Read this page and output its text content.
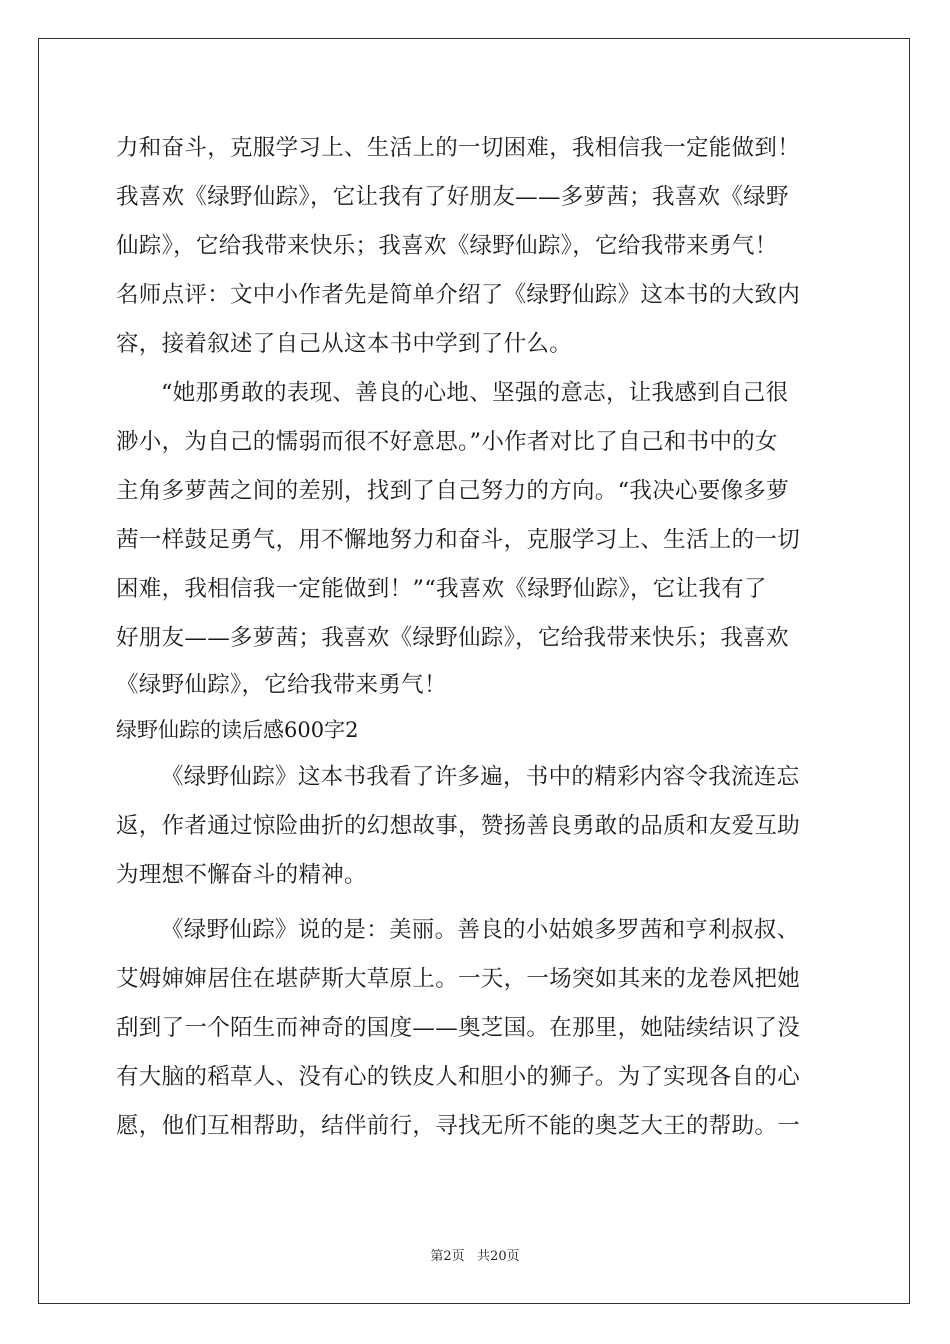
力和奋斗，克服学习上、生活上的一切困难，我相信我一定能做到！
我喜欢《绿野仙踪》，它让我有了好朋友——多萝茜；我喜欢《绿野
仙踪》，它给我带来快乐；我喜欢《绿野仙踪》，它给我带来勇气！
名师点评：文中小作者先是简单介绍了《绿野仙踪》这本书的大致内
容，接着叙述了自己从这本书中学到了什么。
“她那勇敢的表现、善良的心地、坚强的意志，让我感到自己很
渺小，为自己的懦弱而很不好意思。”小作者对比了自己和书中的女
主角多萝茜之间的差别，找到了自己努力的方向。“我决心要像多萝
茜一样鼓足勇气，用不懈地努力和奋斗，克服学习上、生活上的一切
困难，我相信我一定能做到！”“我喜欢《绿野仙踪》，它让我有了
好朋友——多萝茜；我喜欢《绿野仙踪》，它给我带来快乐；我喜欢
《绿野仙踪》，它给我带来勇气！
绿野仙踪的读后感600字2
《绿野仙踪》这本书我看了许多遍，书中的精彩内容令我流连忘
返，作者通过惊险曲折的幻想故事，赞扬善良勇敢的品质和友爱互助
为理想不懈奋斗的精神。
《绿野仙踪》说的是：美丽。善良的小姑娘多罗茜和亨利叔叔、
艾姆婶婶居住在堪萨斯大草原上。一天，一场突如其来的龙卷风把她
刮到了一个陌生而神奇的国度——奥芝国。在那里，她陆续结识了没
有大脑的稻草人、没有心的铁皮人和胆小的狮子。为了实现各自的心
愿，他们互相帮助，结伴前行，寻找无所不能的奥芝大王的帮助。一
第2页   共20页
